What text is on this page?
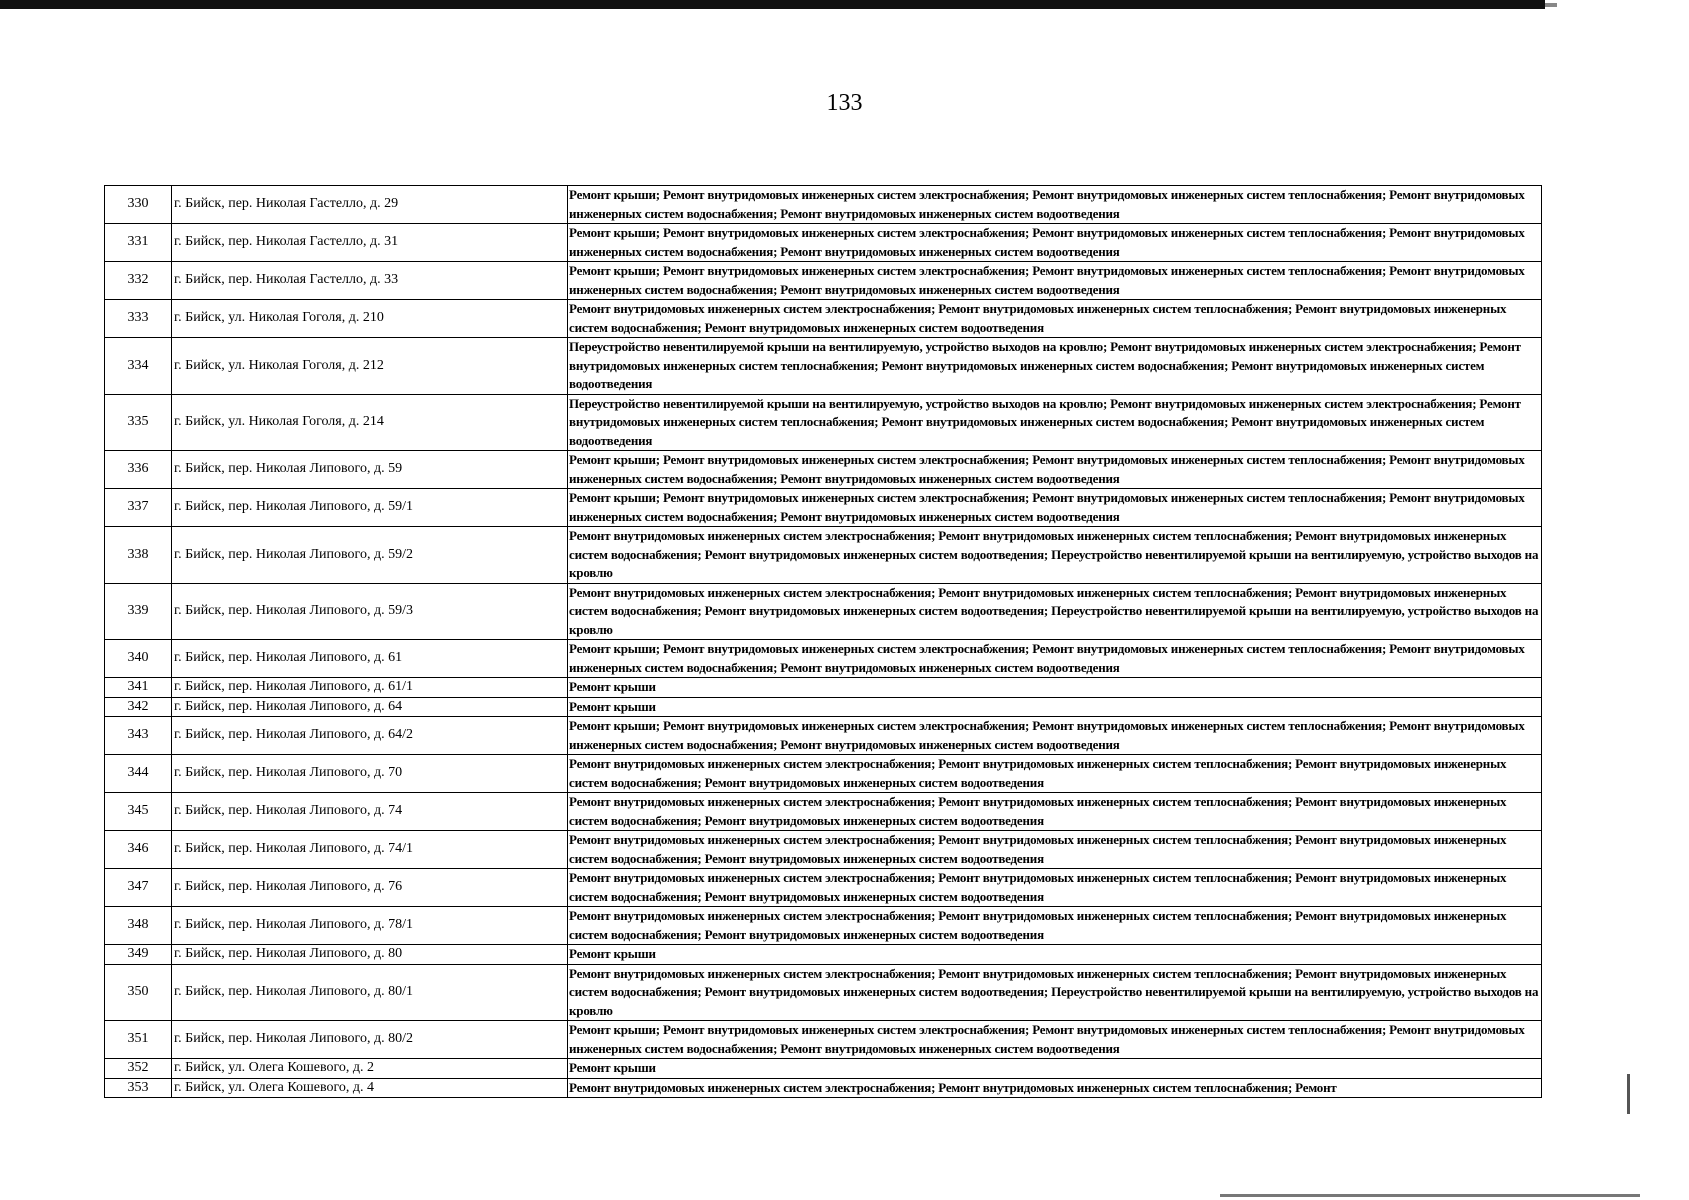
133
330	г. Бийск, пер. Николая Гастелло, д. 29	Ремонт крыши; Ремонт внутридомовых инженерных систем электроснабжения; Ремонт внутридомовых инженерных систем теплоснабжения; Ремонт внутридомовых инженерных систем водоснабжения; Ремонт внутридомовых инженерных систем водоотведения
331	г. Бийск, пер. Николая Гастелло, д. 31	Ремонт крыши; Ремонт внутридомовых инженерных систем электроснабжения; Ремонт внутридомовых инженерных систем теплоснабжения; Ремонт внутридомовых инженерных систем водоснабжения; Ремонт внутридомовых инженерных систем водоотведения
332	г. Бийск, пер. Николая Гастелло, д. 33	Ремонт крыши; Ремонт внутридомовых инженерных систем электроснабжения; Ремонт внутридомовых инженерных систем теплоснабжения; Ремонт внутридомовых инженерных систем водоснабжения; Ремонт внутридомовых инженерных систем водоотведения
333	г. Бийск, ул. Николая Гоголя, д. 210	Ремонт внутридомовых инженерных систем электроснабжения; Ремонт внутридомовых инженерных систем теплоснабжения; Ремонт внутридомовых инженерных систем водоснабжения; Ремонт внутридомовых инженерных систем водоотведения
334	г. Бийск, ул. Николая Гоголя, д. 212	Переустройство невентилируемой крыши на вентилируемую, устройство выходов на кровлю; Ремонт внутридомовых инженерных систем электроснабжения; Ремонт внутридомовых инженерных систем теплоснабжения; Ремонт внутридомовых инженерных систем водоснабжения; Ремонт внутридомовых инженерных систем водоотведения
335	г. Бийск, ул. Николая Гоголя, д. 214	Переустройство невентилируемой крыши на вентилируемую, устройство выходов на кровлю; Ремонт внутридомовых инженерных систем электроснабжения; Ремонт внутридомовых инженерных систем теплоснабжения; Ремонт внутридомовых инженерных систем водоснабжения; Ремонт внутридомовых инженерных систем водоотведения
336	г. Бийск, пер. Николая Липового, д. 59	Ремонт крыши; Ремонт внутридомовых инженерных систем электроснабжения; Ремонт внутридомовых инженерных систем теплоснабжения; Ремонт внутридомовых инженерных систем водоснабжения; Ремонт внутридомовых инженерных систем водоотведения
337	г. Бийск, пер. Николая Липового, д. 59/1	Ремонт крыши; Ремонт внутридомовых инженерных систем электроснабжения; Ремонт внутридомовых инженерных систем теплоснабжения; Ремонт внутридомовых инженерных систем водоснабжения; Ремонт внутридомовых инженерных систем водоотведения
338	г. Бийск, пер. Николая Липового, д. 59/2	Ремонт внутридомовых инженерных систем электроснабжения; Ремонт внутридомовых инженерных систем теплоснабжения; Ремонт внутридомовых инженерных систем водоснабжения; Ремонт внутридомовых инженерных систем водоотведения; Переустройство невентилируемой крыши на вентилируемую, устройство выходов на кровлю
339	г. Бийск, пер. Николая Липового, д. 59/3	Ремонт внутридомовых инженерных систем электроснабжения; Ремонт внутридомовых инженерных систем теплоснабжения; Ремонт внутридомовых инженерных систем водоснабжения; Ремонт внутридомовых инженерных систем водоотведения; Переустройство невентилируемой крыши на вентилируемую, устройство выходов на кровлю
340	г. Бийск, пер. Николая Липового, д. 61	Ремонт крыши; Ремонт внутридомовых инженерных систем электроснабжения; Ремонт внутридомовых инженерных систем теплоснабжения; Ремонт внутридомовых инженерных систем водоснабжения; Ремонт внутридомовых инженерных систем водоотведения
341	г. Бийск, пер. Николая Липового, д. 61/1	Ремонт крыши
342	г. Бийск, пер. Николая Липового, д. 64	Ремонт крыши
343	г. Бийск, пер. Николая Липового, д. 64/2	Ремонт крыши; Ремонт внутридомовых инженерных систем электроснабжения; Ремонт внутридомовых инженерных систем теплоснабжения; Ремонт внутридомовых инженерных систем водоснабжения; Ремонт внутридомовых инженерных систем водоотведения
344	г. Бийск, пер. Николая Липового, д. 70	Ремонт внутридомовых инженерных систем электроснабжения; Ремонт внутридомовых инженерных систем теплоснабжения; Ремонт внутридомовых инженерных систем водоснабжения; Ремонт внутридомовых инженерных систем водоотведения
345	г. Бийск, пер. Николая Липового, д. 74	Ремонт внутридомовых инженерных систем электроснабжения; Ремонт внутридомовых инженерных систем теплоснабжения; Ремонт внутридомовых инженерных систем водоснабжения; Ремонт внутридомовых инженерных систем водоотведения
346	г. Бийск, пер. Николая Липового, д. 74/1	Ремонт внутридомовых инженерных систем электроснабжения; Ремонт внутридомовых инженерных систем теплоснабжения; Ремонт внутридомовых инженерных систем водоснабжения; Ремонт внутридомовых инженерных систем водоотведения
347	г. Бийск, пер. Николая Липового, д. 76	Ремонт внутридомовых инженерных систем электроснабжения; Ремонт внутридомовых инженерных систем теплоснабжения; Ремонт внутридомовых инженерных систем водоснабжения; Ремонт внутридомовых инженерных систем водоотведения
348	г. Бийск, пер. Николая Липового, д. 78/1	Ремонт внутридомовых инженерных систем электроснабжения; Ремонт внутридомовых инженерных систем теплоснабжения; Ремонт внутридомовых инженерных систем водоснабжения; Ремонт внутридомовых инженерных систем водоотведения
349	г. Бийск, пер. Николая Липового, д. 80	Ремонт крыши
350	г. Бийск, пер. Николая Липового, д. 80/1	Ремонт внутридомовых инженерных систем электроснабжения; Ремонт внутридомовых инженерных систем теплоснабжения; Ремонт внутридомовых инженерных систем водоснабжения; Ремонт внутридомовых инженерных систем водоотведения; Переустройство невентилируемой крыши на вентилируемую, устройство выходов на кровлю
351	г. Бийск, пер. Николая Липового, д. 80/2	Ремонт крыши; Ремонт внутридомовых инженерных систем электроснабжения; Ремонт внутридомовых инженерных систем теплоснабжения; Ремонт внутридомовых инженерных систем водоснабжения; Ремонт внутридомовых инженерных систем водоотведения
352	г. Бийск, ул. Олега Кошевого, д. 2	Ремонт крыши
353	г. Бийск, ул. Олега Кошевого, д. 4	Ремонт внутридомовых инженерных систем электроснабжения; Ремонт внутридомовых инженерных систем теплоснабжения; Ремонт
